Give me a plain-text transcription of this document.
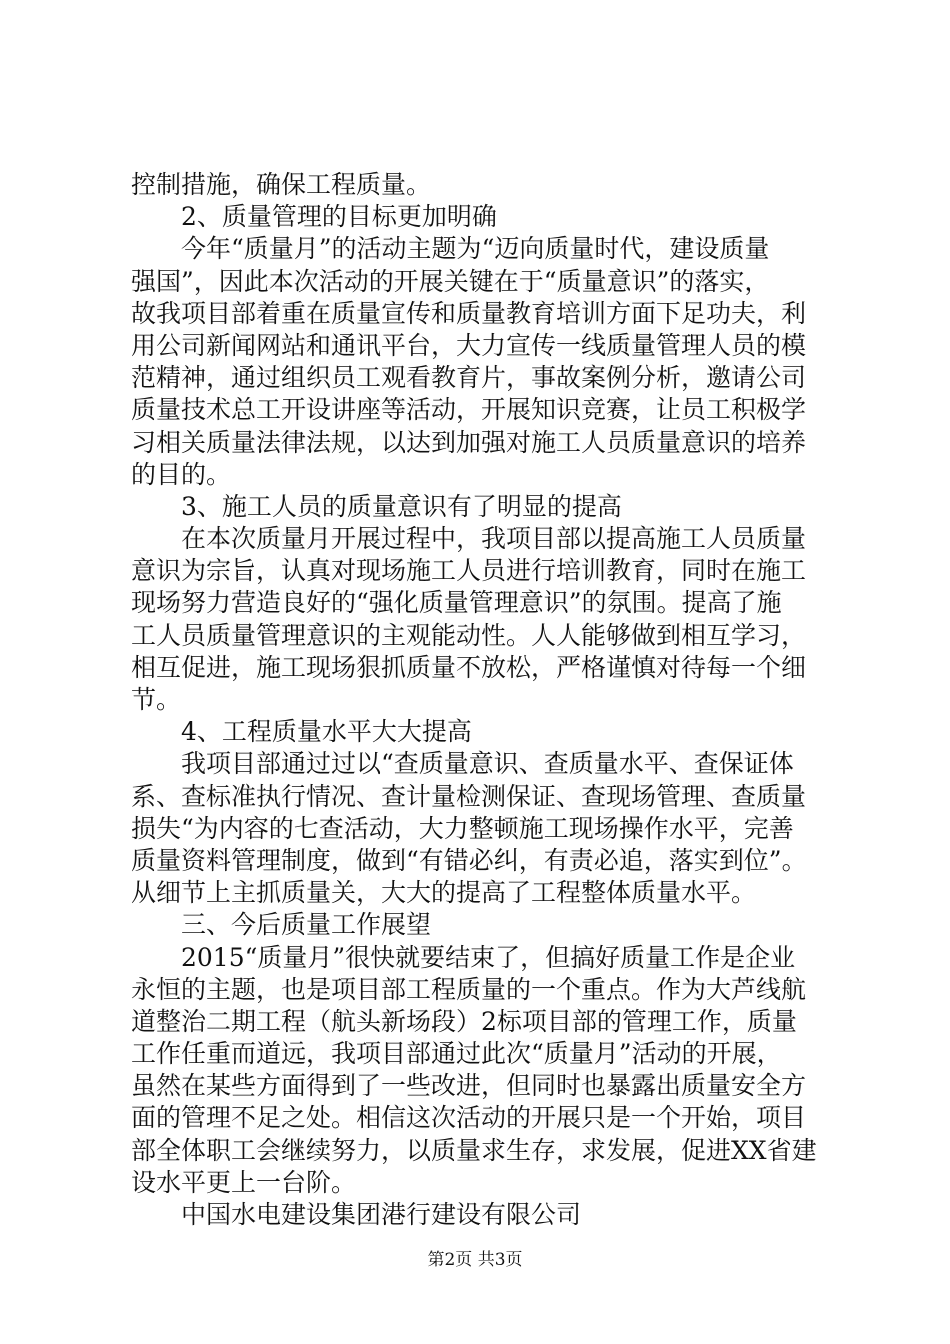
控制措施，确保工程质量。
2、质量管理的目标更加明确
今年“质量月”的活动主题为“迈向质量时代，建设质量
强国”，因此本次活动的开展关键在于“质量意识”的落实，
故我项目部着重在质量宣传和质量教育培训方面下足功夫，利
用公司新闻网站和通讯平台，大力宣传一线质量管理人员的模
范精神，通过组织员工观看教育片，事故案例分析，邀请公司
质量技术总工开设讲座等活动，开展知识竞赛，让员工积极学
习相关质量法律法规，以达到加强对施工人员质量意识的培养
的目的。
3、施工人员的质量意识有了明显的提高
在本次质量月开展过程中，我项目部以提高施工人员质量
意识为宗旨，认真对现场施工人员进行培训教育，同时在施工
现场努力营造良好的“强化质量管理意识”的氛围。提高了施
工人员质量管理意识的主观能动性。人人能够做到相互学习，
相互促进，施工现场狠抓质量不放松，严格谨慎对待每一个细
节。
4、工程质量水平大大提高
我项目部通过过以“查质量意识、查质量水平、查保证体
系、查标准执行情况、查计量检测保证、查现场管理、查质量
损失“为内容的七查活动，大力整顿施工现场操作水平，完善
质量资料管理制度，做到“有错必纠，有责必追，落实到位”。
从细节上主抓质量关，大大的提高了工程整体质量水平。
三、今后质量工作展望
2015“质量月”很快就要结束了，但搞好质量工作是企业
永恒的主题，也是项目部工程质量的一个重点。作为大芦线航
道整治二期工程（航头新场段）2标项目部的管理工作，质量
工作任重而道远，我项目部通过此次“质量月”活动的开展，
虽然在某些方面得到了一些改进，但同时也暴露出质量安全方
面的管理不足之处。相信这次活动的开展只是一个开始，项目
部全体职工会继续努力，以质量求生存，求发展，促进XX省建
设水平更上一台阶。
中国水电建设集团港行建设有限公司
第2页 共3页
